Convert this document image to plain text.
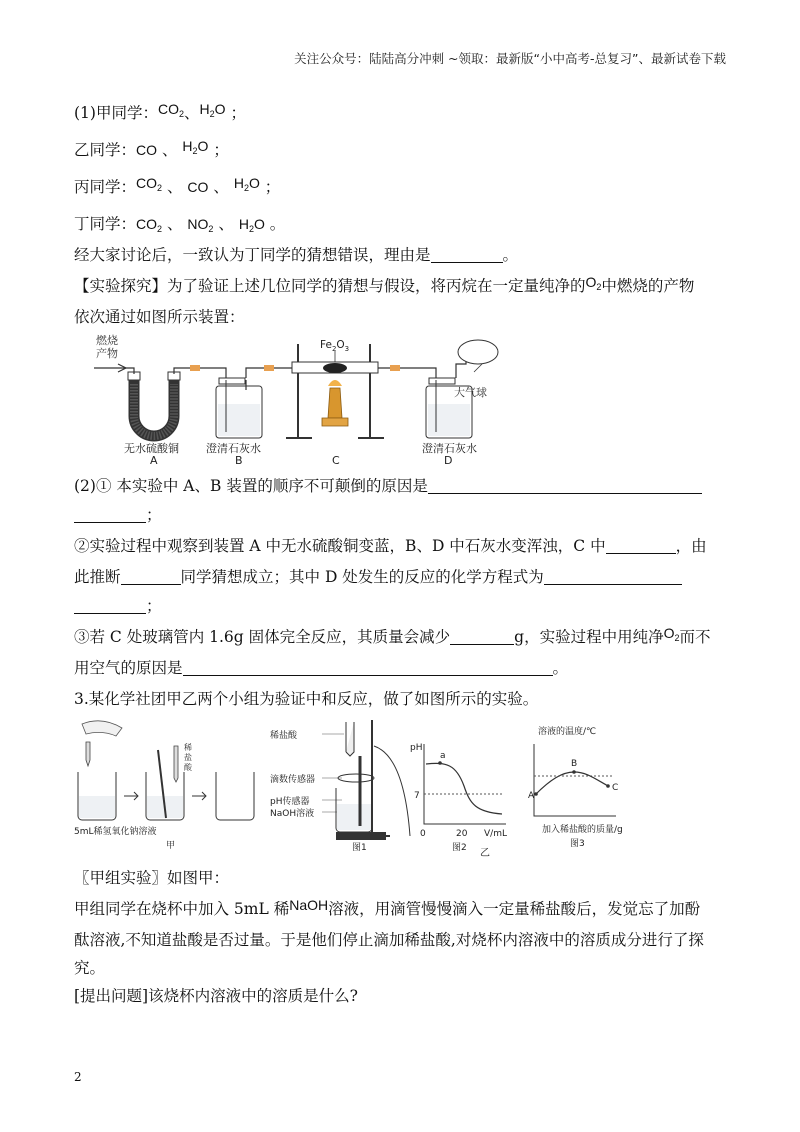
关注公众号：陆陆高分冲刺 ~领取：最新版“小中高考-总复习”、最新试卷下载
(1)甲同学：$CO_2$、$H_2O$ ；
乙同学：CO 、 $H_2O$ ；
丙同学：$CO_2$ 、 CO 、 $H_2O$ ；
丁同学：$CO_2$ 、 $NO_2$ 、 $H_2O$ 。
经大家讨论后，一致认为丁同学的猜想错误，理由是	。
【实验探究】为了验证上述几位同学的猜想与假设，将丙烷在一定量纯净的$O_2$中燃烧的产物
依次通过如图所示装置：
燃烧
产物
$Fe_2O_3$
大气球
无水硫酸铜 澄清石灰水	澄清石灰水
A	B	C	D
(2)① 本实验中 A、B 装置的顺序不可颠倒的原因是
；
②实验过程中观察到装置 A 中无水硫酸铜变蓝，B、D 中石灰水变浑浊，C 中	，由
此推断	同学猜想成立；其中 D 处发生的反应的化学方程式为
；
③若 C 处玻璃管内 1.6g 固体完全反应，其质量会减少	g，实验过程中用纯净$O_2$而不
用空气的原因是	。
3.某化学社团甲乙两个小组为验证中和反应，做了如图所示的实验。
5mL稀氢氧化钠溶液
稀
盐
酸
甲
稀盐酸
滴数传感器
pH传感器
NaOH溶液
图1
pH
7
a
0	20 V/mL
图2 乙
溶液的温度/℃
A
B
C
加入稀盐酸的质量/g
图3
〖甲组实验〗如图甲：
甲组同学在烧杯中加入 5mL 稀NaOH溶液，用滴管慢慢滴入一定量稀盐酸后，发觉忘了加酚
酞溶液,不知道盐酸是否过量。于是他们停止滴加稀盐酸,对烧杯内溶液中的溶质成分进行了探
究。
[提出问题]该烧杯内溶液中的溶质是什么?
2
